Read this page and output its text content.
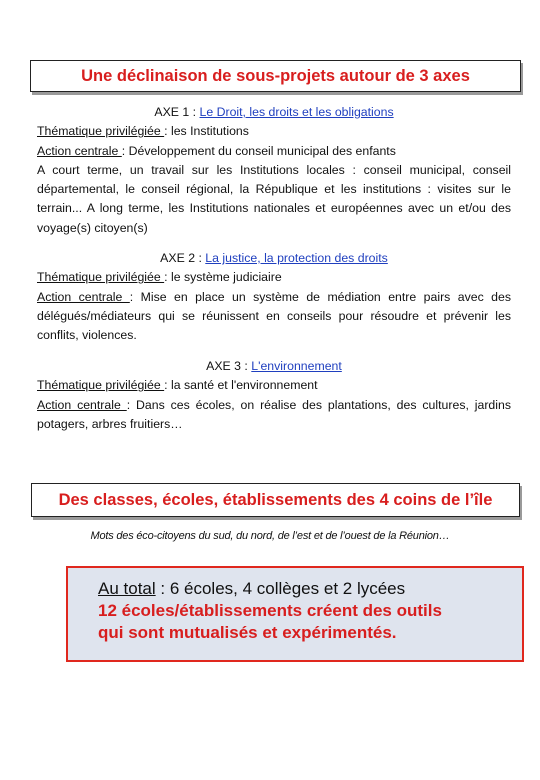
Une déclinaison de sous-projets autour de 3 axes
AXE 1 : Le Droit, les droits et les obligations
Thématique privilégiée : les Institutions
Action centrale : Développement du conseil municipal des enfants
A court terme, un travail sur les Institutions locales : conseil municipal, conseil départemental, le conseil régional, la République et les institutions : visites sur le terrain... A long terme, les Institutions nationales et européennes avec un et/ou des voyage(s) citoyen(s)
AXE 2 : La justice, la protection des droits
Thématique privilégiée : le système judiciaire
Action centrale : Mise en place un système de médiation entre pairs avec des délégués/médiateurs qui se réunissent en conseils pour résoudre et prévenir les conflits, violences.
AXE 3 : L'environnement
Thématique privilégiée : la santé et l'environnement
Action centrale : Dans ces écoles, on réalise des plantations, des cultures, jardins potagers, arbres fruitiers…
Des classes, écoles, établissements des 4 coins de l’île
Mots des éco-citoyens du sud, du nord, de l’est et de l’ouest de la Réunion…
Au total : 6 écoles, 4 collèges et 2 lycées
12 écoles/établissements créent des outils
qui sont mutualisés et expérimentés.
